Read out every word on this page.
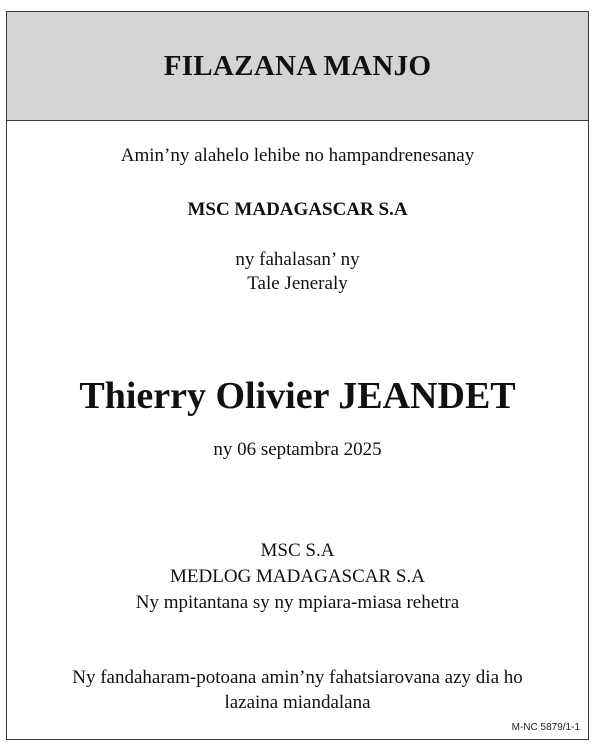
FILAZANA MANJO
Amin’ny alahelo lehibe no hampandrenesanay
MSC MADAGASCAR S.A
ny fahalasan’ ny
Tale Jeneraly
Thierry Olivier JEANDET
ny 06 septambra 2025
MSC S.A
MEDLOG MADAGASCAR S.A
Ny mpitantana sy ny mpiara-miasa rehetra
Ny fandaharam-potoana amin’ny fahatsiarovana azy dia ho
lazaina miandalana
M-NC 5879/1-1
